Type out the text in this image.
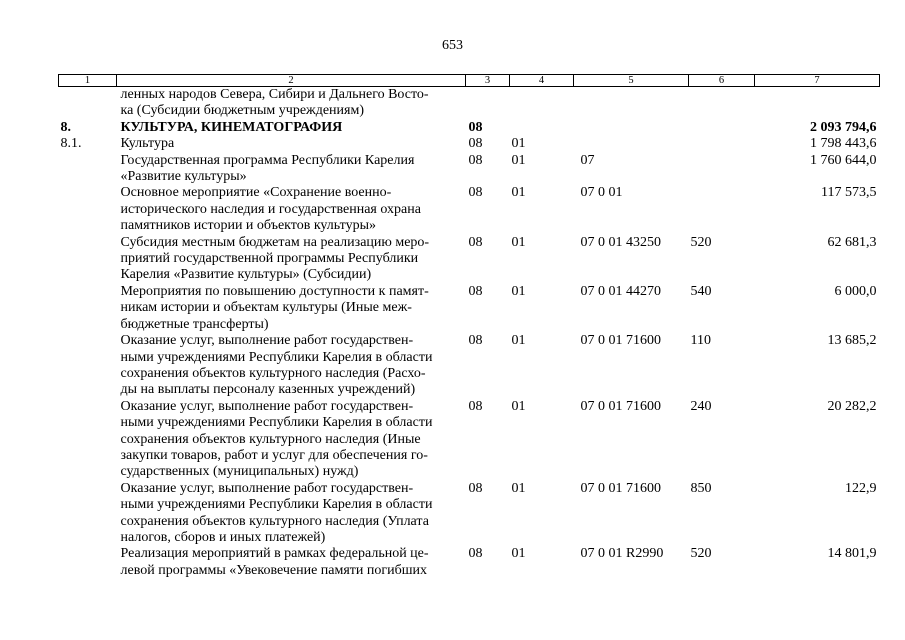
653
1	2	3	4	5	6	7

	ленных народов Севера, Сибири и Дальнего Восто-
ка (Субсидии бюджетным учреждениям)					

8.	КУЛЬТУРА, КИНЕМАТОГРАФИЯ	08				2 093 794,6
8.1.	Культура	08	01			1 798 443,6

	Государственная программа Республики Карелия
«Развитие культуры»	08	01	07		1 760 644,0

	Основное мероприятие «Сохранение военно-
исторического наследия и государственная охрана
памятников истории и объектов культуры»	08	01	07 0 01		117 573,5

	Субсидия местным бюджетам на реализацию меро-
приятий государственной программы Республики
Карелия «Развитие культуры» (Субсидии)	08	01	07 0 01 43250	520	62 681,3

	Мероприятия по повышению доступности к памят-
никам истории и объектам культуры (Иные меж-
бюджетные трансферты)	08	01	07 0 01 44270	540	6 000,0

	Оказание услуг, выполнение работ государствен-
ными учреждениями Республики Карелия в области
сохранения объектов культурного наследия (Расхо-
ды на выплаты персоналу казенных учреждений)	08	01	07 0 01 71600	110	13 685,2

	Оказание услуг, выполнение работ государствен-
ными учреждениями Республики Карелия в области
сохранения объектов культурного наследия (Иные
закупки товаров, работ и услуг для обеспечения го-
сударственных (муниципальных) нужд)	08	01	07 0 01 71600	240	20 282,2

	Оказание услуг, выполнение работ государствен-
ными учреждениями Республики Карелия в области
сохранения объектов культурного наследия (Уплата
налогов, сборов и иных платежей)	08	01	07 0 01 71600	850	122,9

	Реализация мероприятий в рамках федеральной це-
левой программы «Увековечение памяти погибших	08	01	07 0 01 R2990	520	14 801,9
